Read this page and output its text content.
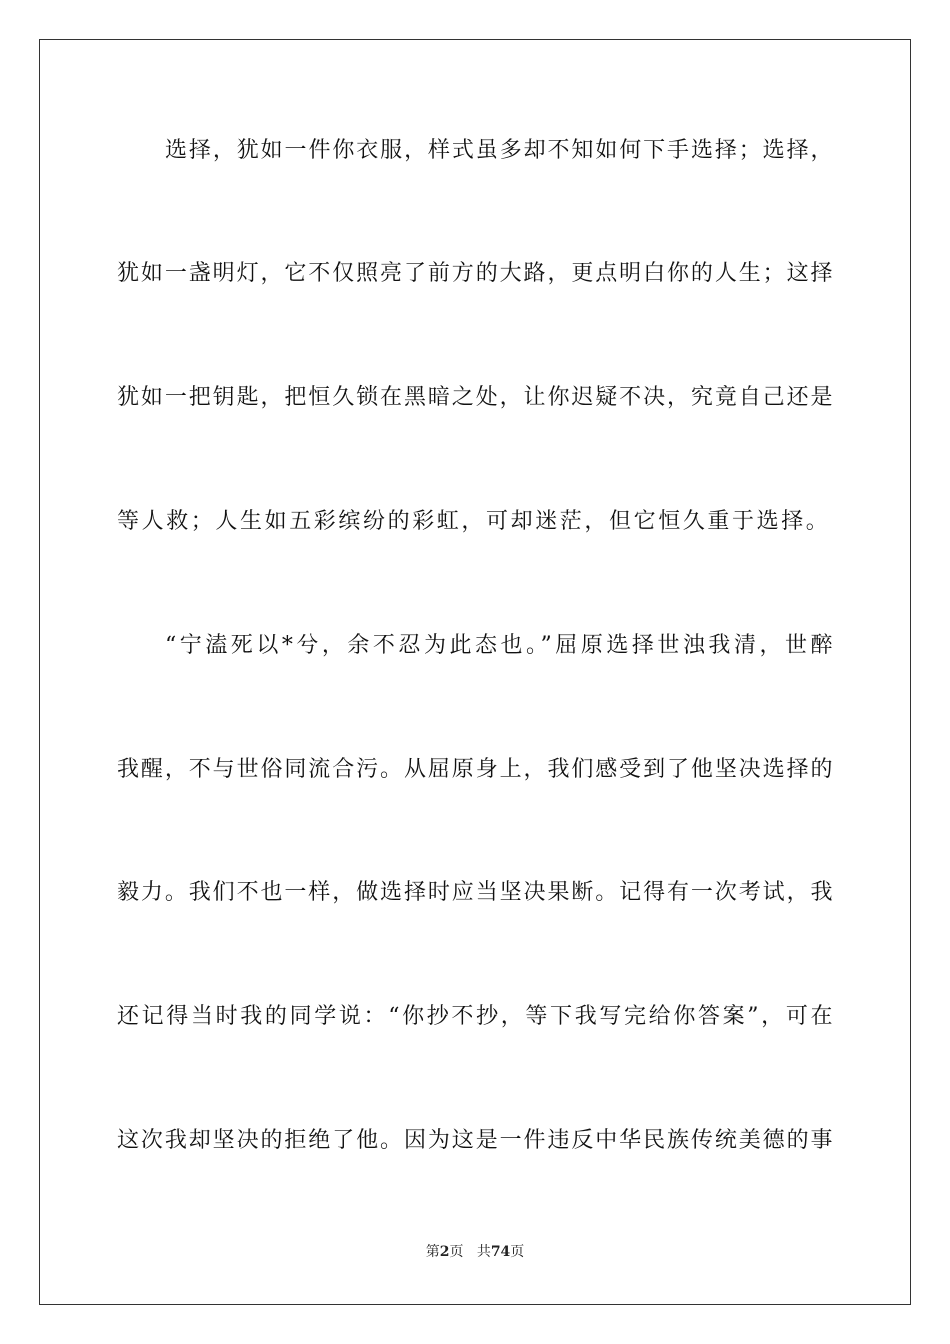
选择，犹如一件你衣服，样式虽多却不知如何下手选择；选择，
犹如一盏明灯，它不仅照亮了前方的大路，更点明白你的人生；这择
犹如一把钥匙，把恒久锁在黑暗之处，让你迟疑不决，究竟自己还是
等人救；人生如五彩缤纷的彩虹，可却迷茫，但它恒久重于选择。
“宁溘死以*兮，余不忍为此态也。”屈原选择世浊我清，世醉
我醒，不与世俗同流合污。从屈原身上，我们感受到了他坚决选择的
毅力。我们不也一样，做选择时应当坚决果断。记得有一次考试，我
还记得当时我的同学说：“你抄不抄，等下我写完给你答案”，可在
这次我却坚决的拒绝了他。因为这是一件违反中华民族传统美德的事
第2页 共74页
